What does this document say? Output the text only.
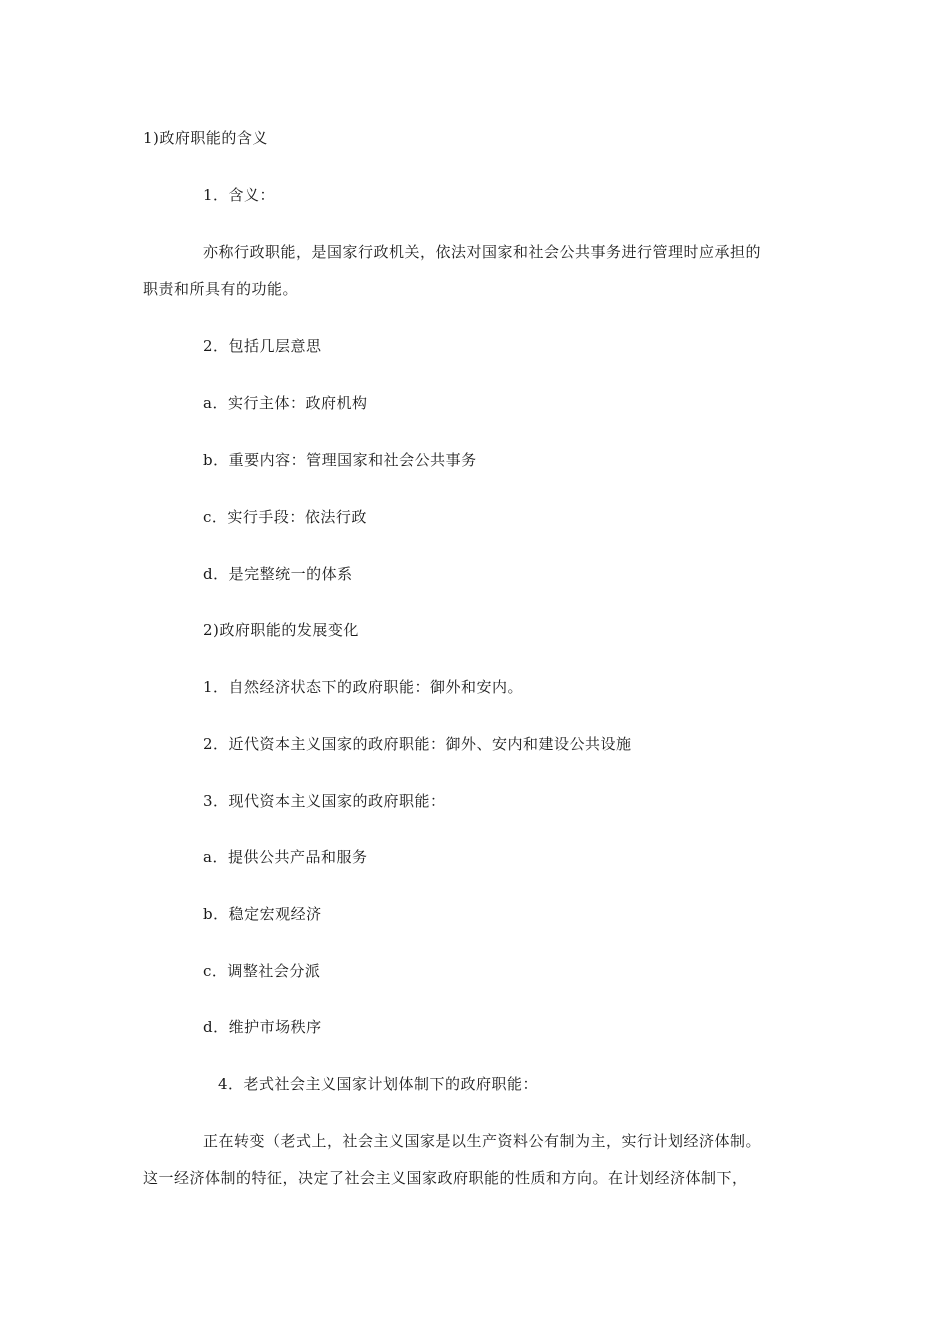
1)政府职能的含义
1．含义：
亦称行政职能，是国家行政机关，依法对国家和社会公共事务进行管理时应承担的
职责和所具有的功能。
2．包括几层意思
a．实行主体：政府机构
b．重要内容：管理国家和社会公共事务
c．实行手段：依法行政
d．是完整统一的体系
2)政府职能的发展变化
1．自然经济状态下的政府职能：御外和安内。
2．近代资本主义国家的政府职能：御外、安内和建设公共设施
3．现代资本主义国家的政府职能：
a．提供公共产品和服务
b．稳定宏观经济
c．调整社会分派
d．维护市场秩序
4．老式社会主义国家计划体制下的政府职能：
正在转变（老式上，社会主义国家是以生产资料公有制为主，实行计划经济体制。
这一经济体制的特征，决定了社会主义国家政府职能的性质和方向。在计划经济体制下，
